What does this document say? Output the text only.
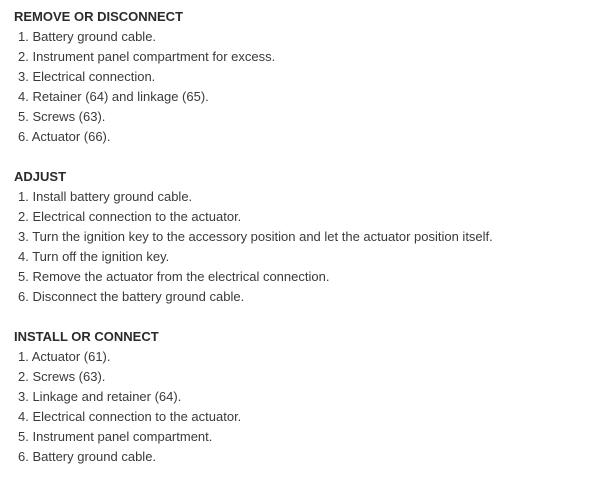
REMOVE OR DISCONNECT
1. Battery ground cable.
2. Instrument panel compartment for excess.
3. Electrical connection.
4. Retainer (64) and linkage (65).
5. Screws (63).
6. Actuator (66).
ADJUST
1. Install battery ground cable.
2. Electrical connection to the actuator.
3. Turn the ignition key to the accessory position and let the actuator position itself.
4. Turn off the ignition key.
5. Remove the actuator from the electrical connection.
6. Disconnect the battery ground cable.
INSTALL OR CONNECT
1. Actuator (61).
2. Screws (63).
3. Linkage and retainer (64).
4. Electrical connection to the actuator.
5. Instrument panel compartment.
6. Battery ground cable.
